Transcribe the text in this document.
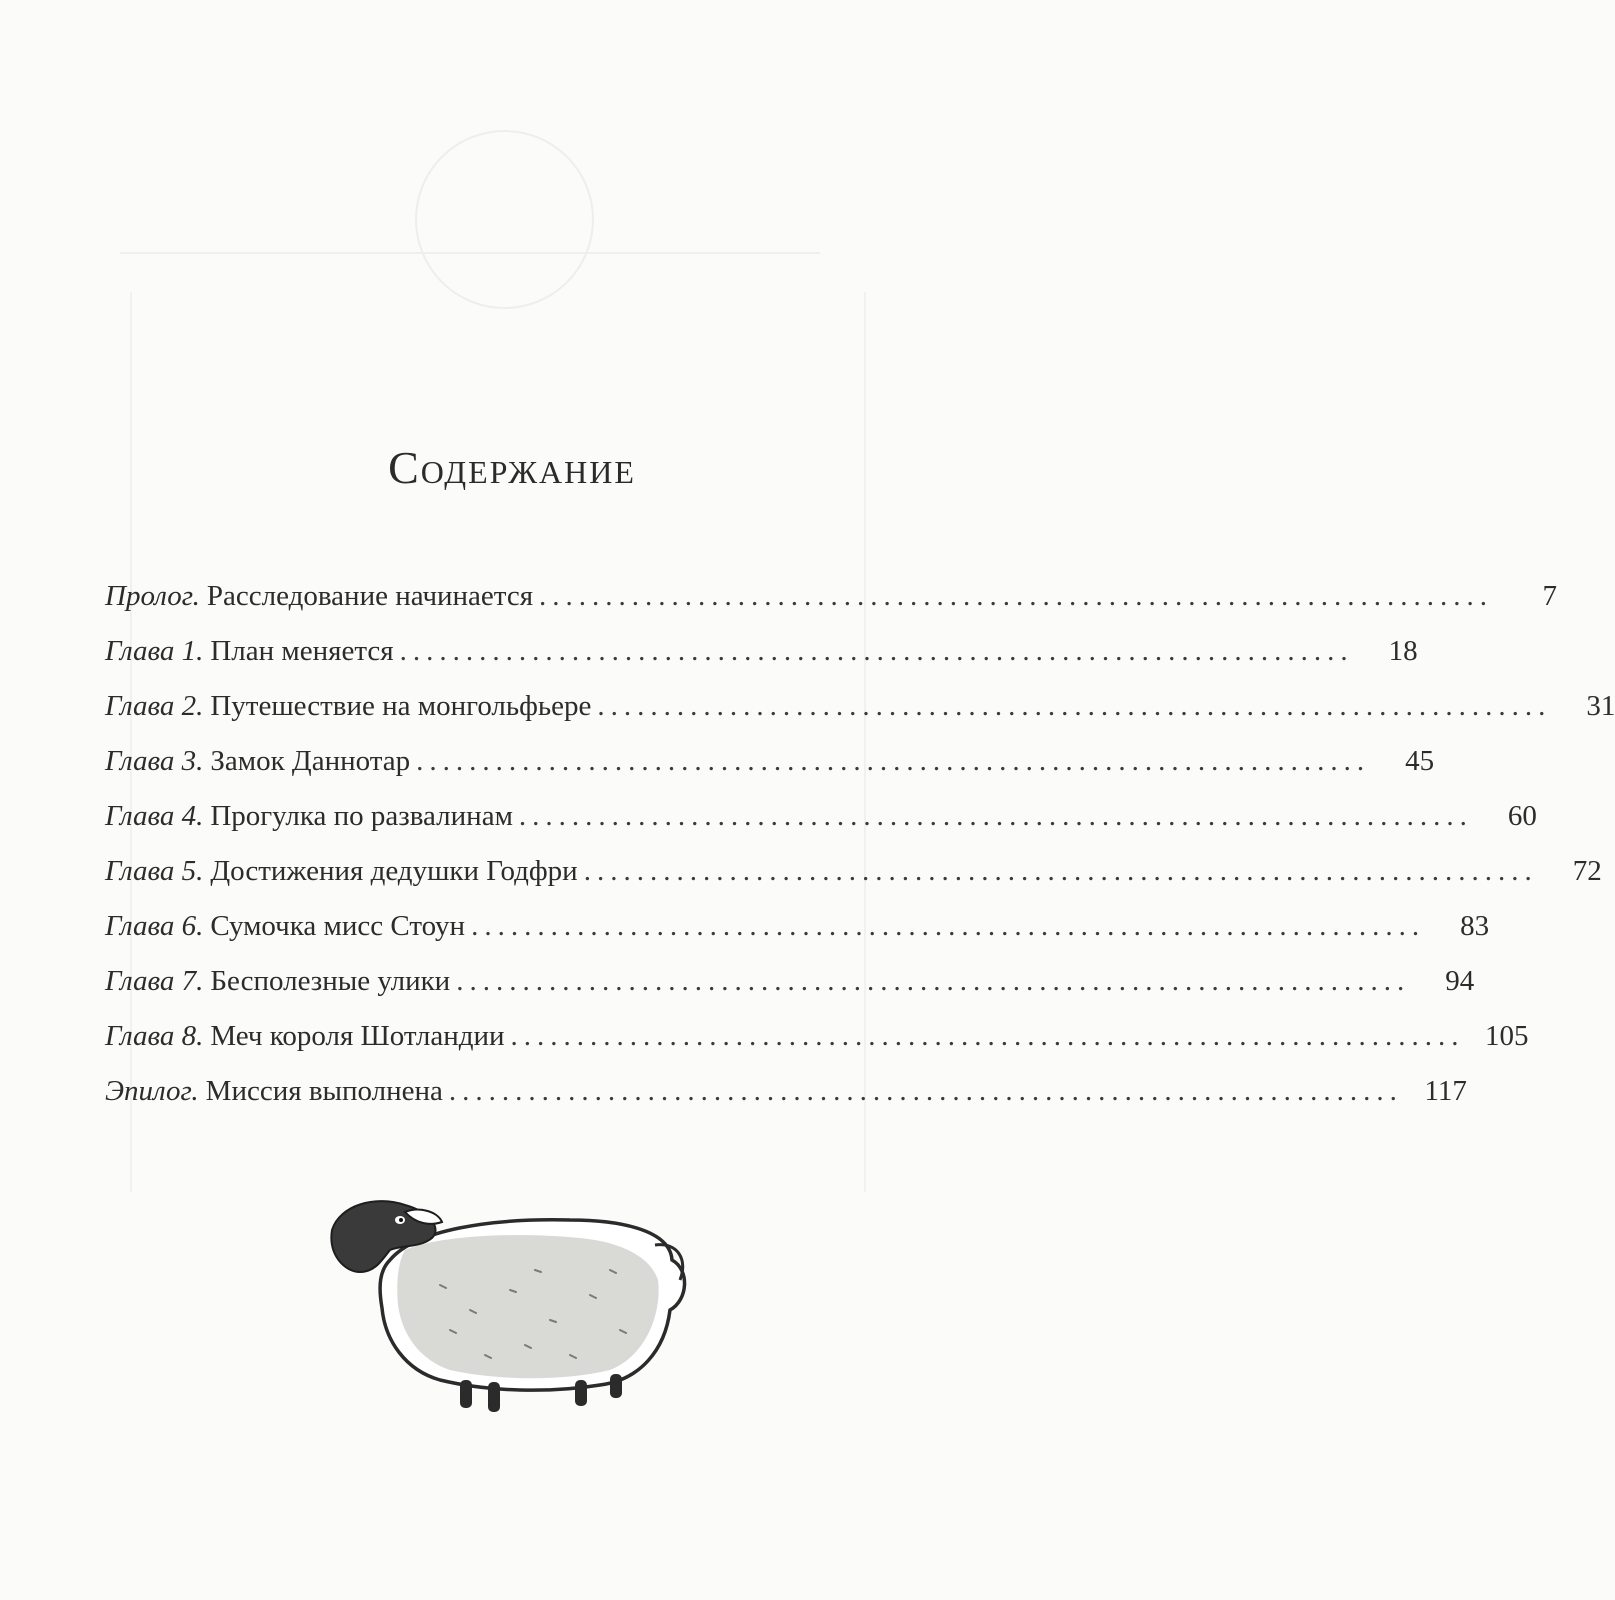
Содержание
Пролог. Расследование начинается ........................................................................	7
Глава 1. План меняется ........................................................................	18
Глава 2. Путешествие на монгольфьере ........................................................................	31
Глава 3. Замок Даннотар ........................................................................	45
Глава 4. Прогулка по развалинам ........................................................................	60
Глава 5. Достижения дедушки Годфри ........................................................................	72
Глава 6. Сумочка мисс Стоун ........................................................................	83
Глава 7. Бесполезные улики ........................................................................	94
Глава 8. Меч короля Шотландии ........................................................................ 105
Эпилог. Миссия выполнена ........................................................................ 117
